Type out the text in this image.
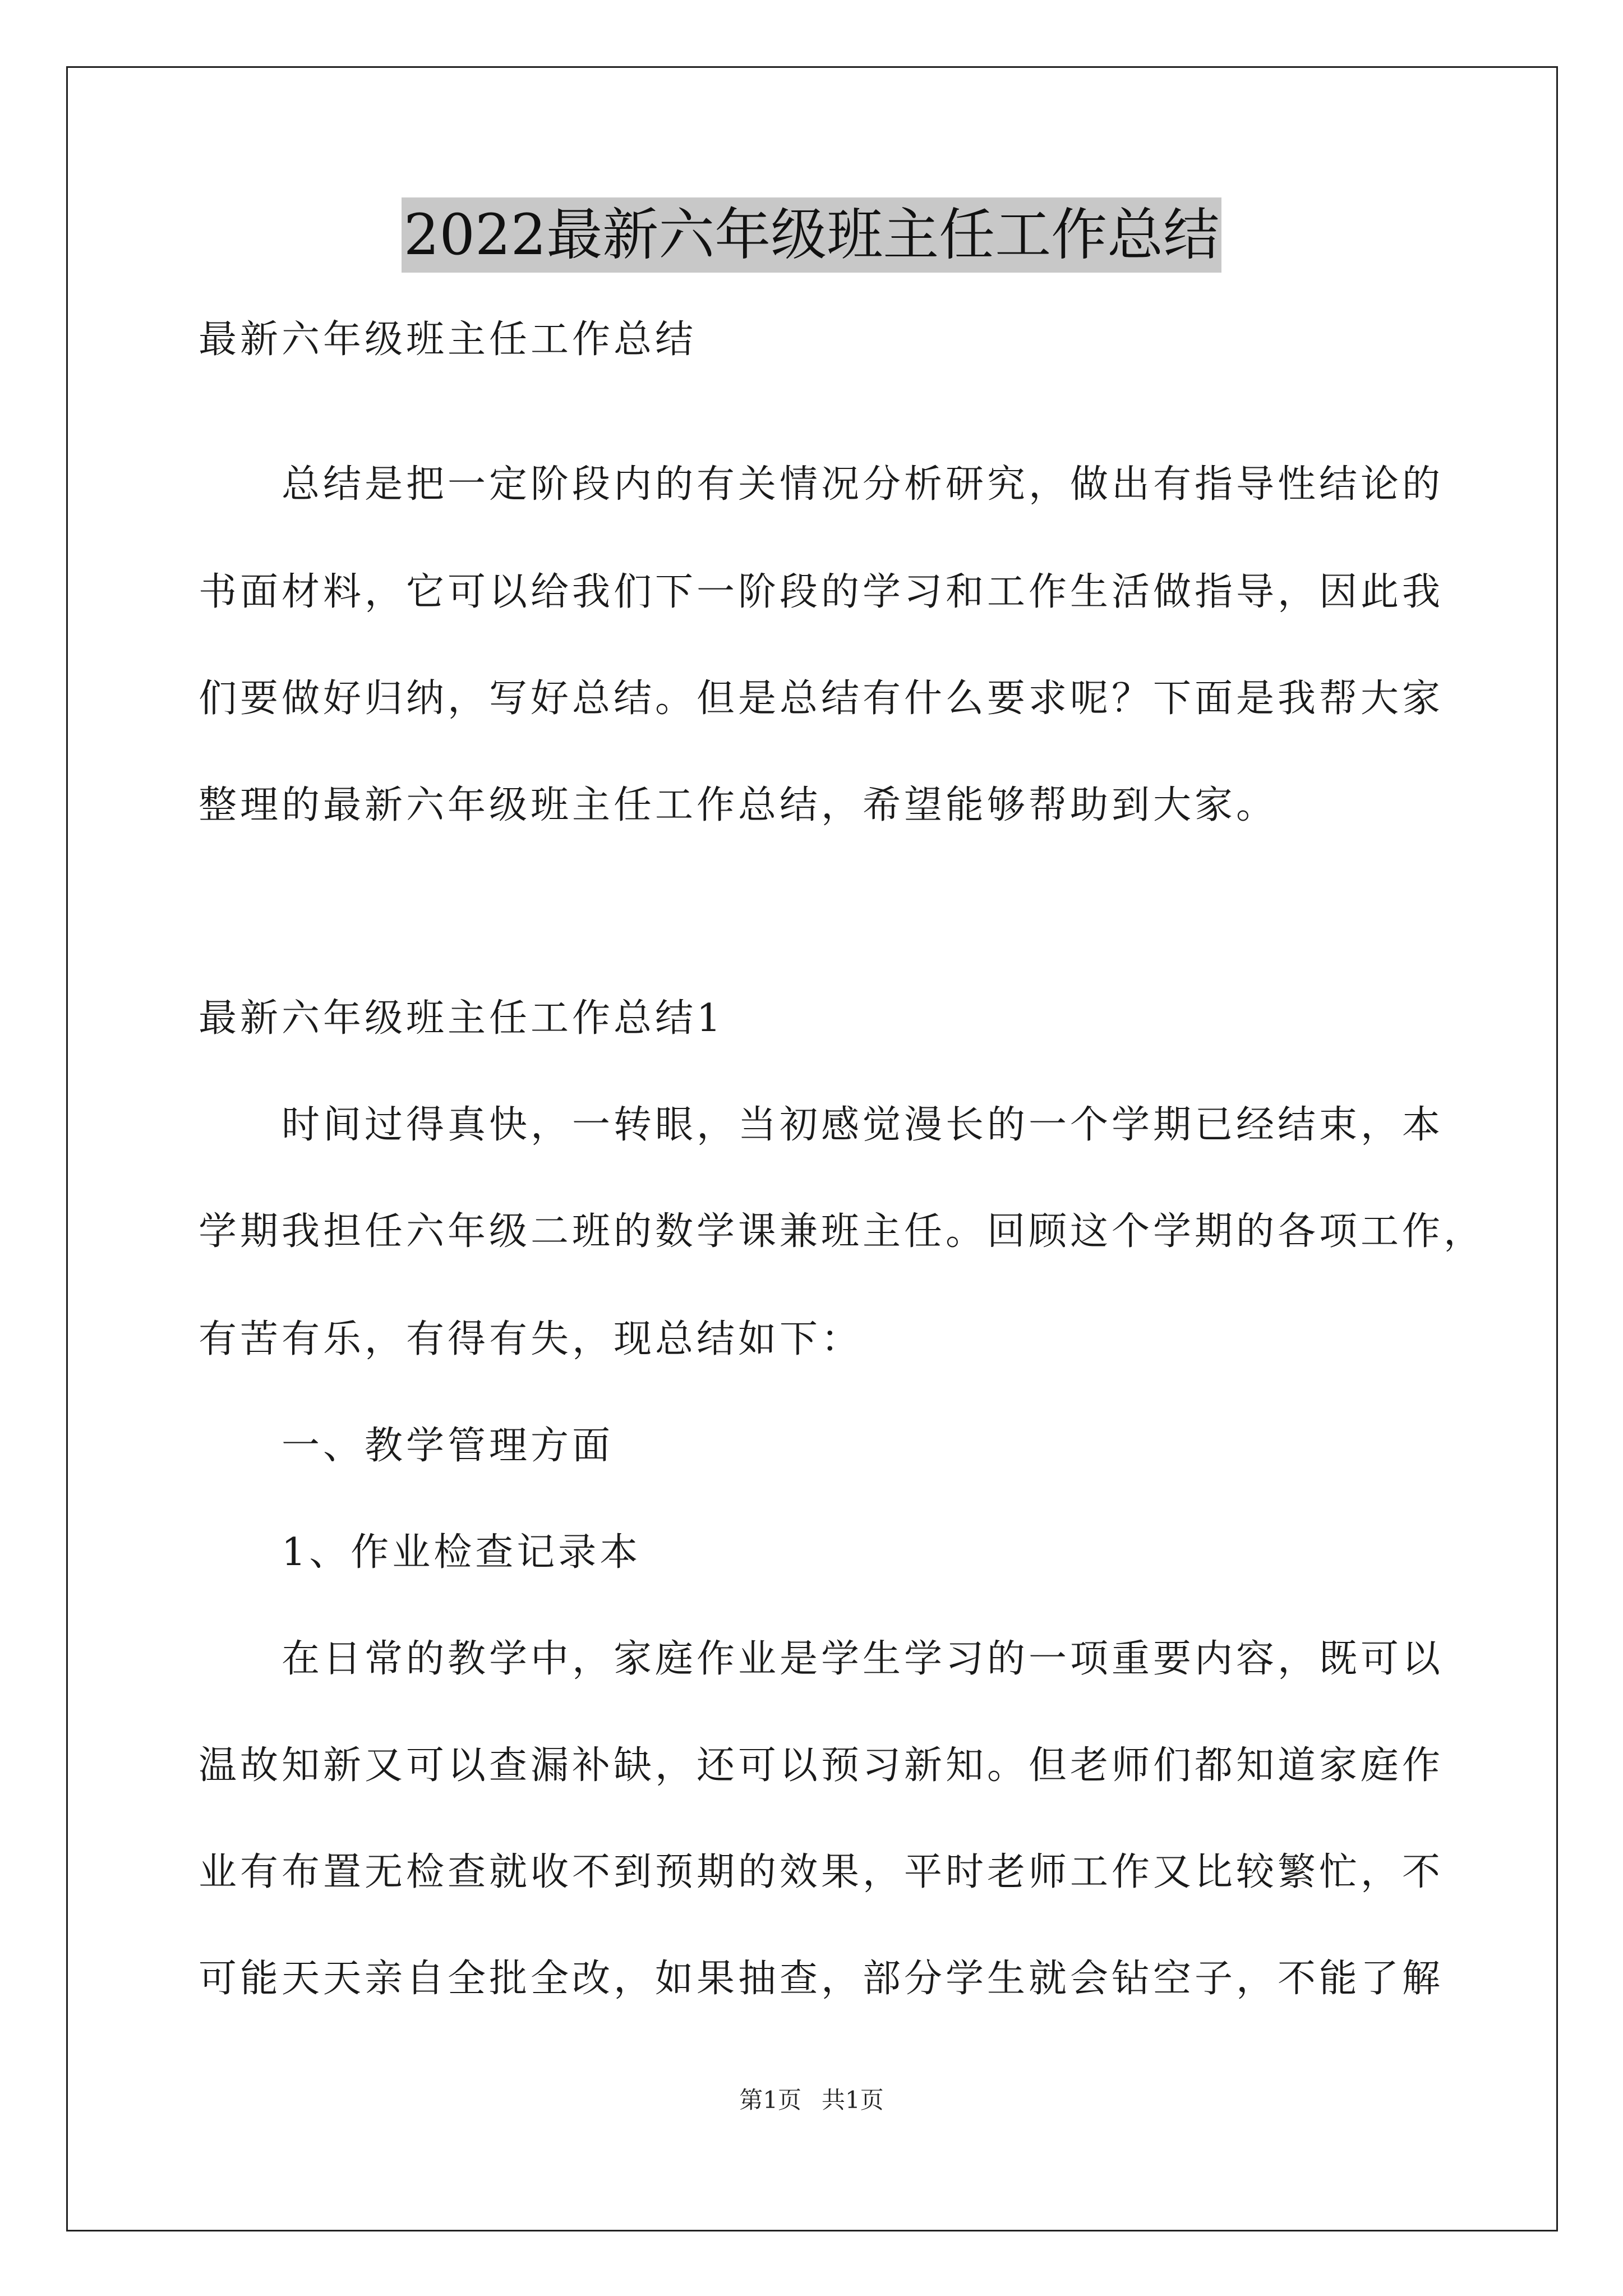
2022最新六年级班主任工作总结
最新六年级班主任工作总结
　　总结是把一定阶段内的有关情况分析研究，做出有指导性结论的
书面材料，它可以给我们下一阶段的学习和工作生活做指导，因此我
们要做好归纳，写好总结。但是总结有什么要求呢？下面是我帮大家
整理的最新六年级班主任工作总结，希望能够帮助到大家。
最新六年级班主任工作总结1
　　时间过得真快，一转眼，当初感觉漫长的一个学期已经结束，本
学期我担任六年级二班的数学课兼班主任。回顾这个学期的各项工作，
有苦有乐，有得有失，现总结如下：
　　一、教学管理方面
　　1、作业检查记录本
　　在日常的教学中，家庭作业是学生学习的一项重要内容，既可以
温故知新又可以查漏补缺，还可以预习新知。但老师们都知道家庭作
业有布置无检查就收不到预期的效果，平时老师工作又比较繁忙，不
可能天天亲自全批全改，如果抽查，部分学生就会钻空子，不能了解
第1页 共1页
